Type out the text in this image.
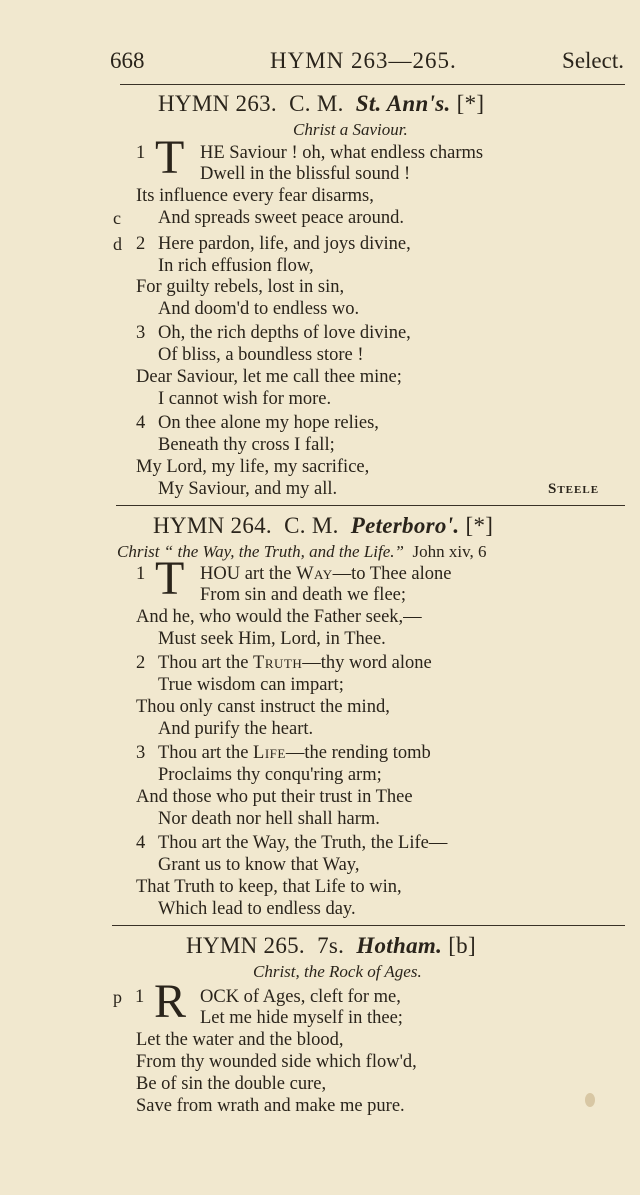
668	HYMN 263—265.	Select.
HYMN 263. C. M. St. Ann's. [*]
Christ a Saviour.
1 T HE Saviour ! oh, what endless charms
Dwell in the blissful sound !
Its influence every fear disarms,
c And spreads sweet peace around.
d 2 Here pardon, life, and joys divine,
In rich effusion flow,
For guilty rebels, lost in sin,
And doom'd to endless wo.
3 Oh, the rich depths of love divine,
Of bliss, a boundless store !
Dear Saviour, let me call thee mine;
I cannot wish for more.
4 On thee alone my hope relies,
Beneath thy cross I fall;
My Lord, my life, my sacrifice,
My Saviour, and my all.	Steele
HYMN 264. C. M. Peterboro'. [*]
Christ “ the Way, the Truth, and the Life.” John xiv, 6
1 T HOU art the Way—to Thee alone
From sin and death we flee;
And he, who would the Father seek,—
Must seek Him, Lord, in Thee.
2 Thou art the Truth—thy word alone
True wisdom can impart;
Thou only canst instruct the mind,
And purify the heart.
3 Thou art the Life—the rending tomb
Proclaims thy conqu'ring arm;
And those who put their trust in Thee
Nor death nor hell shall harm.
4 Thou art the Way, the Truth, the Life—
Grant us to know that Way,
That Truth to keep, that Life to win,
Which lead to endless day.
HYMN 265. 7s. Hotham. [b]
Christ, the Rock of Ages.
p 1 R OCK of Ages, cleft for me,
Let me hide myself in thee;
Let the water and the blood,
From thy wounded side which flow'd,
Be of sin the double cure,
Save from wrath and make me pure.
